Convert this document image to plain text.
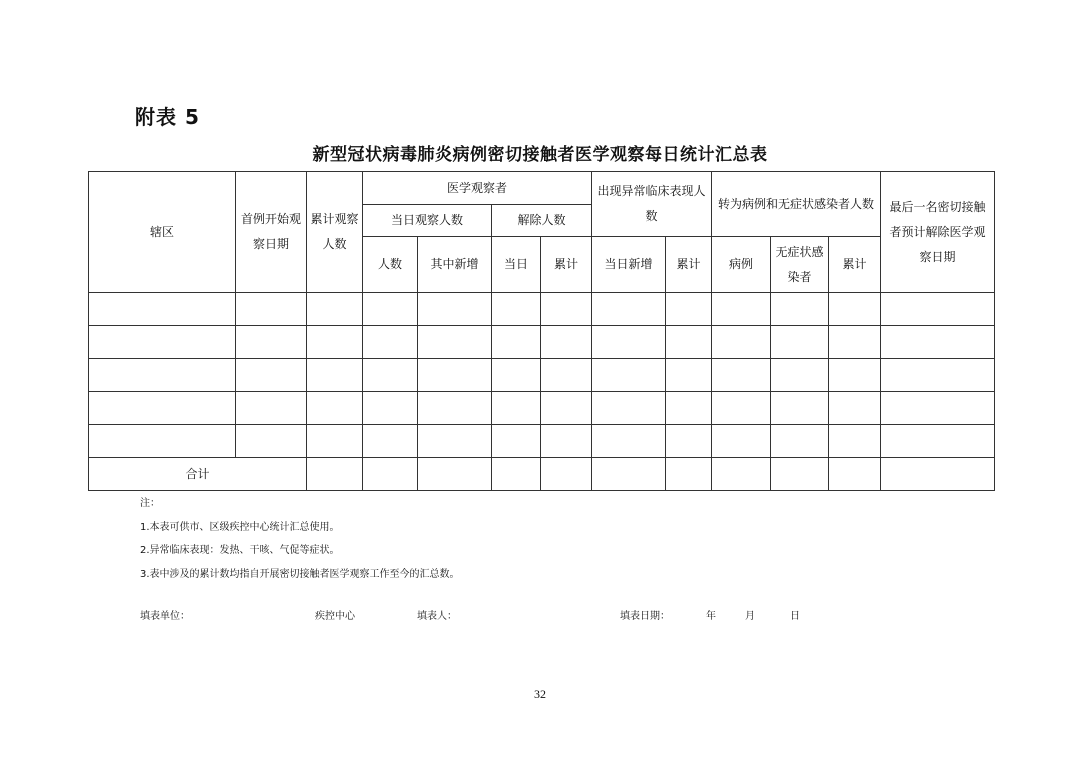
附表 5
新型冠状病毒肺炎病例密切接触者医学观察每日统计汇总表
辖区	首例开始观察日期	累计观察人数	医学观察者				出现异常临床表现人数		转为病例和无症状感染者人数			最后一名密切接触者预计解除医学观察日期
			当日观察人数		解除人数							
			人数	其中新增	当日	累计	当日新增	累计	病例	无症状感染者	累计	

合计												
注：
1.本表可供市、区级疾控中心统计汇总使用。
2.异常临床表现：发热、干咳、气促等症状。
3.表中涉及的累计数均指自开展密切接触者医学观察工作至今的汇总数。
填表单位：	疾控中心	填表人：	填表日期：	年	月	日
32
